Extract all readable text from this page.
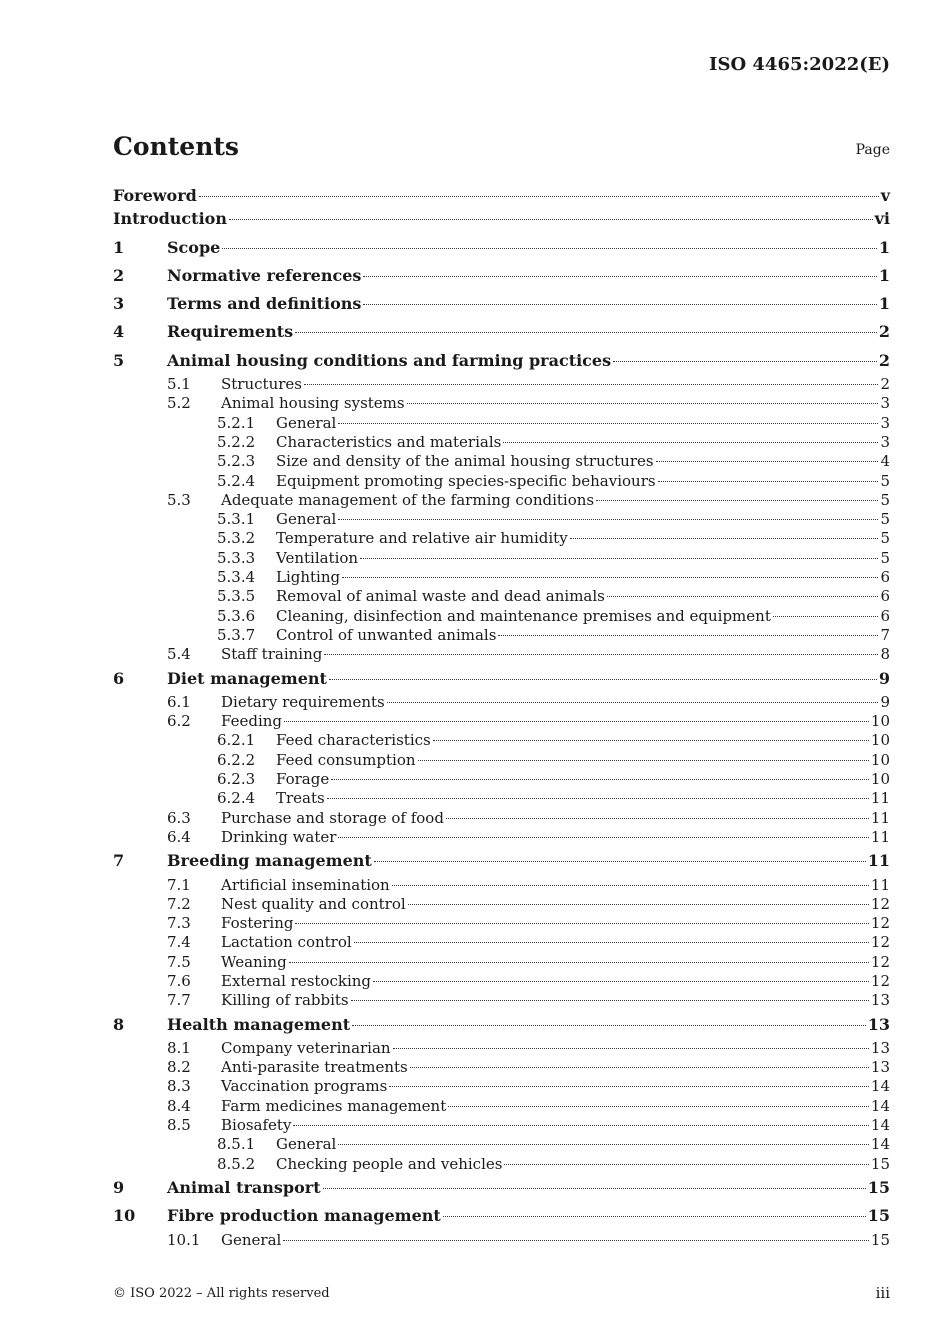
ISO 4465:2022(E)
Contents	Page
Foreword	v
Introduction	vi
1	Scope	1
2	Normative references	1
3	Terms and definitions	1
4	Requirements	2
5	Animal housing conditions and farming practices	2
5.1	Structures	2
5.2	Animal housing systems	3
5.2.1	General	3
5.2.2	Characteristics and materials	3
5.2.3	Size and density of the animal housing structures	4
5.2.4	Equipment promoting species-specific behaviours	5
5.3	Adequate management of the farming conditions	5
5.3.1	General	5
5.3.2	Temperature and relative air humidity	5
5.3.3	Ventilation	5
5.3.4	Lighting	6
5.3.5	Removal of animal waste and dead animals	6
5.3.6	Cleaning, disinfection and maintenance premises and equipment	6
5.3.7	Control of unwanted animals	7
5.4	Staff training	8
6	Diet management	9
6.1	Dietary requirements	9
6.2	Feeding	10
6.2.1	Feed characteristics	10
6.2.2	Feed consumption	10
6.2.3	Forage	10
6.2.4	Treats	11
6.3	Purchase and storage of food	11
6.4	Drinking water	11
7	Breeding management	11
7.1	Artificial insemination	11
7.2	Nest quality and control	12
7.3	Fostering	12
7.4	Lactation control	12
7.5	Weaning	12
7.6	External restocking	12
7.7	Killing of rabbits	13
8	Health management	13
8.1	Company veterinarian	13
8.2	Anti-parasite treatments	13
8.3	Vaccination programs	14
8.4	Farm medicines management	14
8.5	Biosafety	14
8.5.1	General	14
8.5.2	Checking people and vehicles	15
9	Animal transport	15
10	Fibre production management	15
10.1	General	15
© ISO 2022 – All rights reserved	iii
